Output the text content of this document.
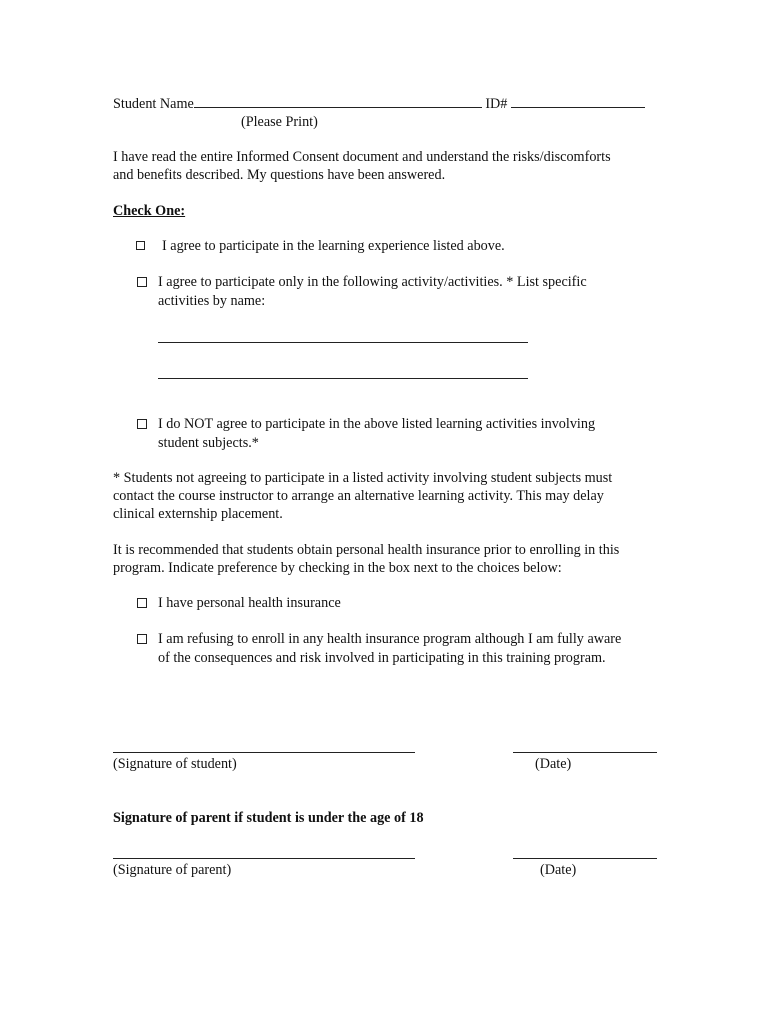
Student Name	ID#
(Please Print)
I have read the entire Informed Consent document and understand the risks/discomforts
and benefits described. My questions have been answered.
Check One:
I agree to participate in the learning experience listed above.
I agree to participate only in the following activity/activities. * List specific
activities by name:
I do NOT agree to participate in the above listed learning activities involving
student subjects.*
* Students not agreeing to participate in a listed activity involving student subjects must
contact the course instructor to arrange an alternative learning activity. This may delay
clinical externship placement.
It is recommended that students obtain personal health insurance prior to enrolling in this
program. Indicate preference by checking in the box next to the choices below:
I have personal health insurance
I am refusing to enroll in any health insurance program although I am fully aware
of the consequences and risk involved in participating in this training program.
(Signature of student)	(Date)
Signature of parent if student is under the age of 18
(Signature of parent)	(Date)
